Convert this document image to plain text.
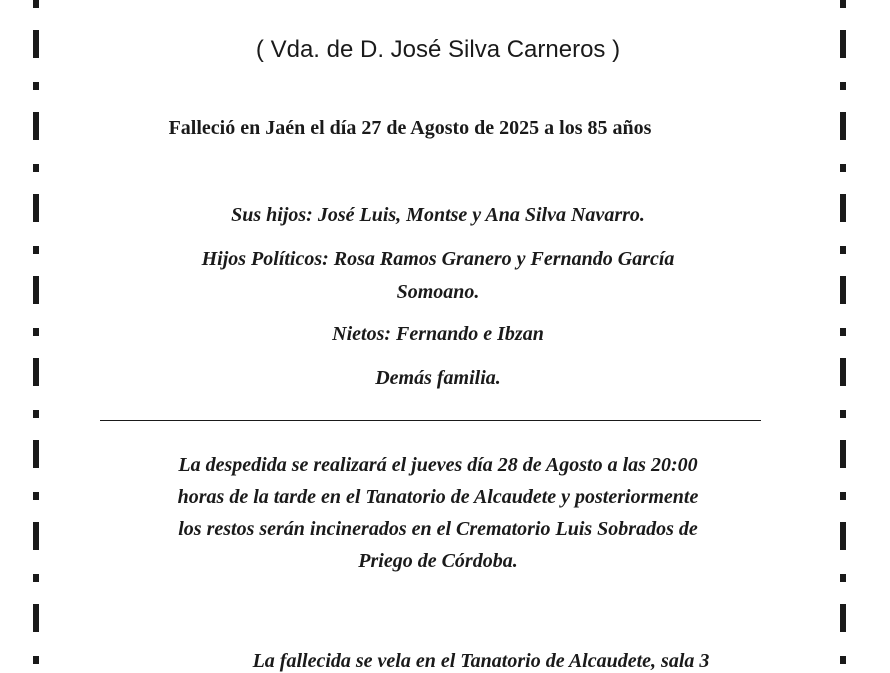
( Vda. de D. José Silva Carneros )
Falleció en Jaén el día 27 de Agosto de 2025 a los 85 años
Sus hijos: José Luis, Montse y Ana Silva Navarro.
Hijos Políticos: Rosa Ramos Granero y Fernando García
Somoano.
Nietos: Fernando e Ibzan
Demás familia.
La despedida se realizará el jueves día 28 de Agosto a las 20:00
horas de la tarde en el Tanatorio de Alcaudete y posteriormente
los restos serán incinerados en el Crematorio Luis Sobrados de
Priego de Córdoba.
La fallecida se vela en el Tanatorio de Alcaudete, sala 3
